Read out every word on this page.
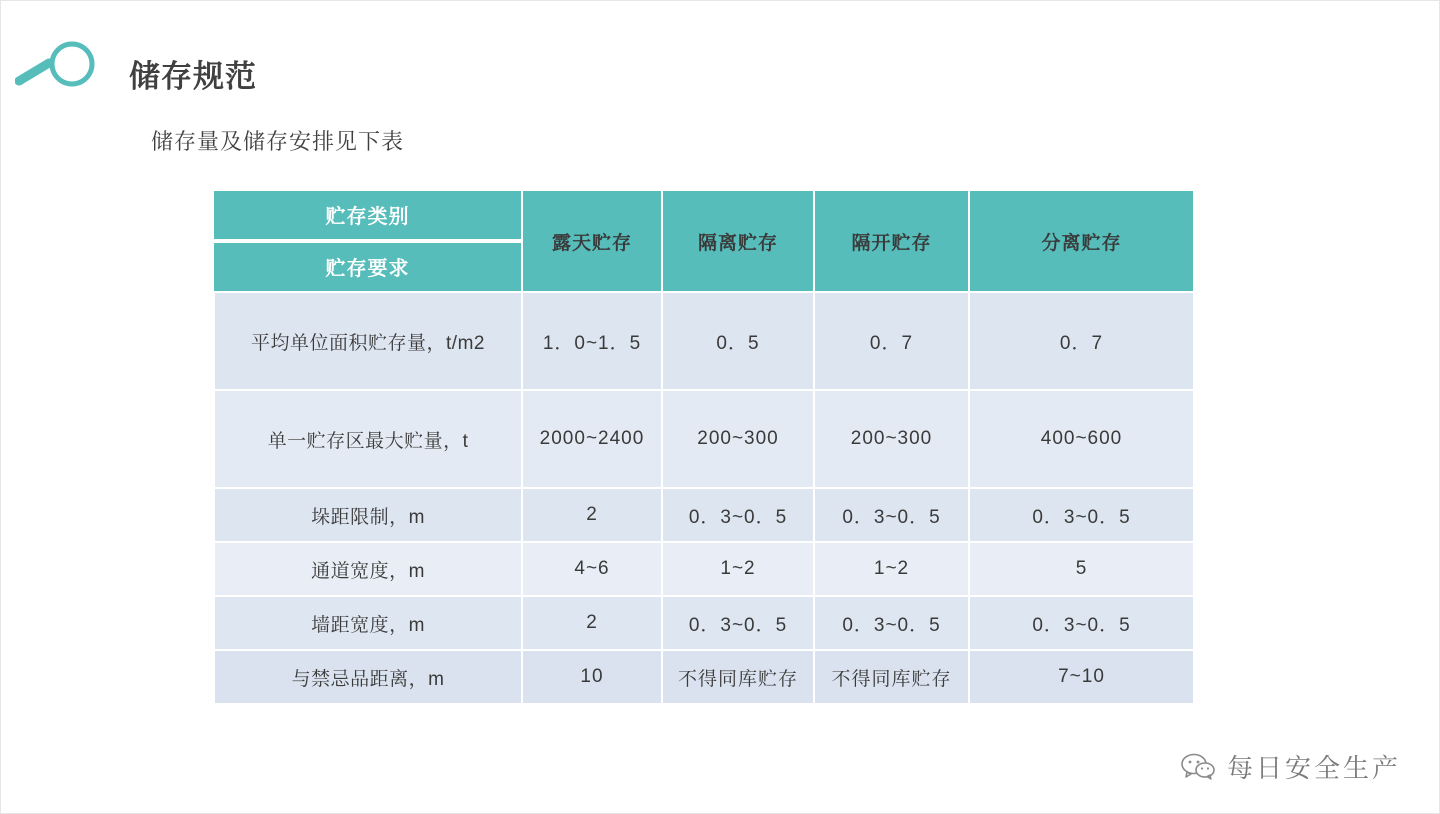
储存规范
储存量及储存安排见下表
贮存类别
贮存要求	露天贮存	隔离贮存	隔开贮存	分离贮存
平均单位面积贮存量，t/m2	1．0~1．5	0．5	0．7	0．7
单一贮存区最大贮量，t	2000~2400	200~300	200~300	400~600
垛距限制，m	2	0．3~0．5	0．3~0．5	0．3~0．5
通道宽度，m	4~6	1~2	1~2	5
墙距宽度，m	2	0．3~0．5	0．3~0．5	0．3~0．5
与禁忌品距离，m	10	不得同库贮存	不得同库贮存	7~10
每日安全生产
